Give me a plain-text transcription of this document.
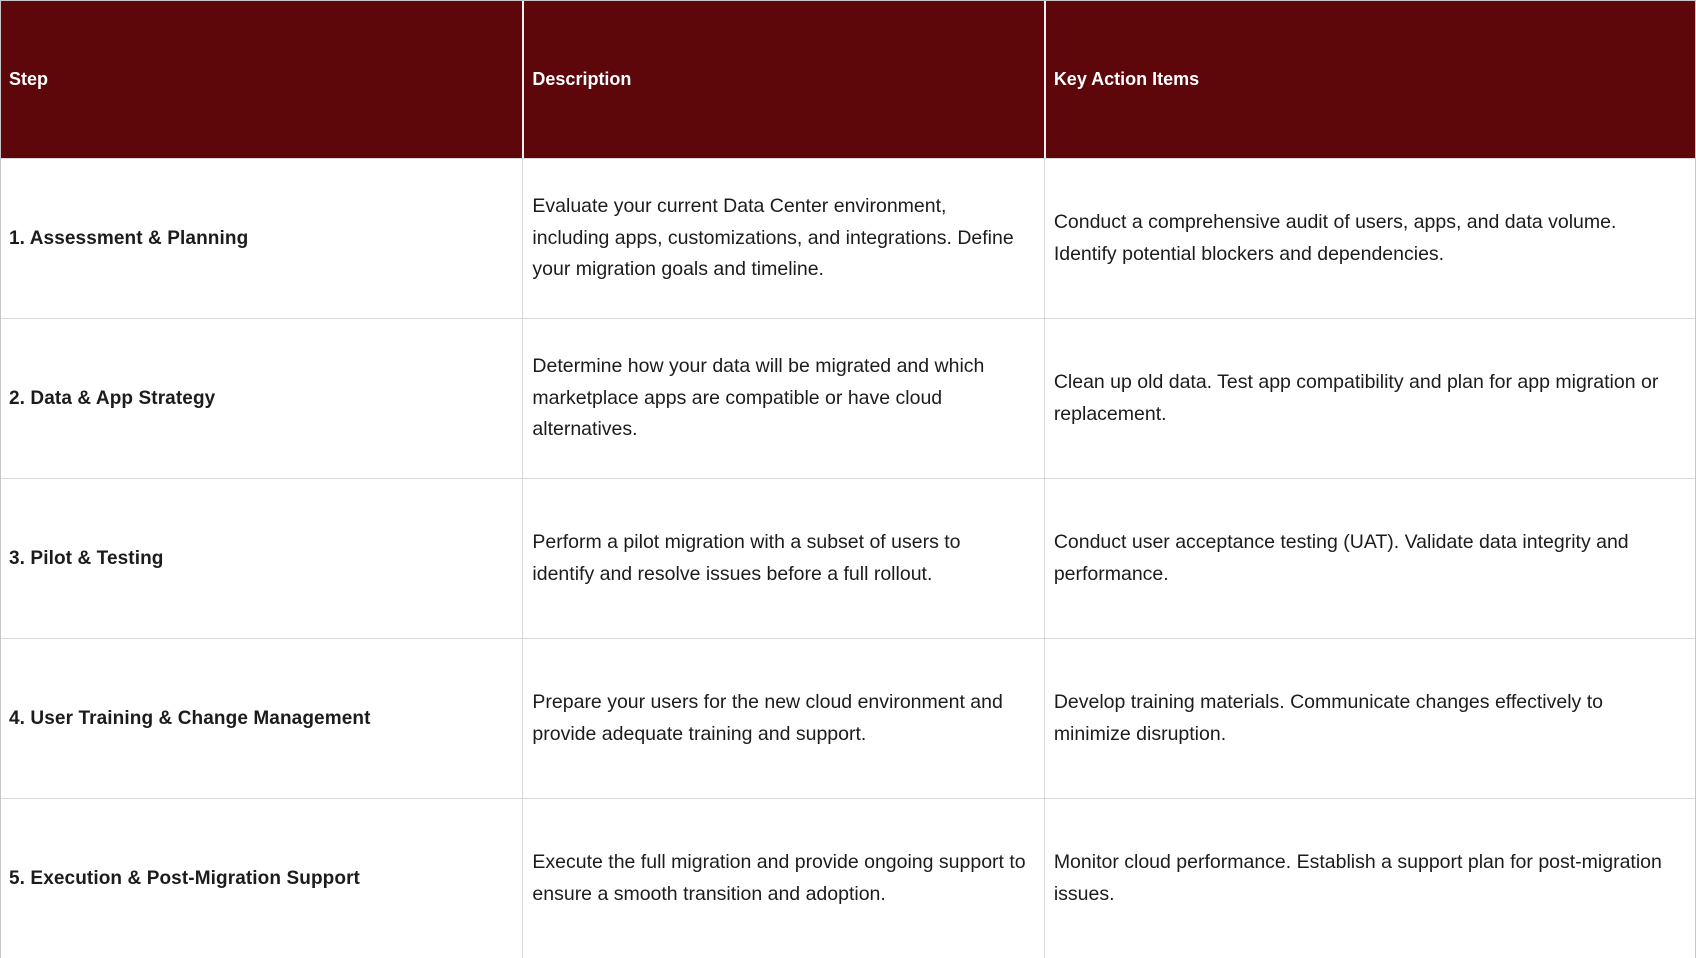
Step	Description	Key Action Items
1. Assessment & Planning
Evaluate your current Data Center environment, including apps, customizations, and integrations. Define your migration goals and timeline.
Conduct a comprehensive audit of users, apps, and data volume. Identify potential blockers and dependencies.
2. Data & App Strategy
Determine how your data will be migrated and which marketplace apps are compatible or have cloud alternatives.
Clean up old data. Test app compatibility and plan for app migration or replacement.
3. Pilot & Testing
Perform a pilot migration with a subset of users to identify and resolve issues before a full rollout.
Conduct user acceptance testing (UAT). Validate data integrity and performance.
4. User Training & Change Management
Prepare your users for the new cloud environment and provide adequate training and support.
Develop training materials. Communicate changes effectively to minimize disruption.
5. Execution & Post-Migration Support
Execute the full migration and provide ongoing support to ensure a smooth transition and adoption.
Monitor cloud performance. Establish a support plan for post-migration issues.
